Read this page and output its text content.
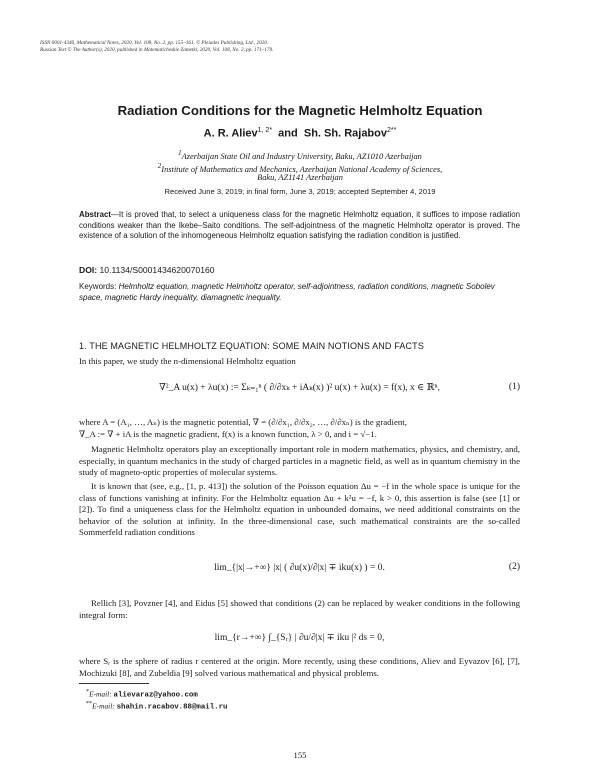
ISSN 0001-4346, Mathematical Notes, 2020, Vol. 108, No. 2, pp. 155–161. © Pleiades Publishing, Ltd., 2020.
Russian Text © The Author(s), 2020, published in Matematicheskie Zametki, 2020, Vol. 108, No. 2, pp. 171–179.
Radiation Conditions for the Magnetic Helmholtz Equation
A. R. Aliev$^{1, 2*}$ and Sh. Sh. Rajabov$^{2**}$
$^1$Azerbaijan State Oil and Industry University, Baku, AZ1010 Azerbaijan
$^2$Institute of Mathematics and Mechanics, Azerbaijan National Academy of Sciences,
Baku, AZ1141 Azerbaijan
Received June 3, 2019; in final form, June 3, 2019; accepted September 4, 2019
Abstract—It is proved that, to select a uniqueness class for the magnetic Helmholtz equation, it suffices to impose radiation conditions weaker than the Ikebe–Saito conditions. The self-adjointness of the magnetic Helmholtz operator is proved. The existence of a solution of the inhomogeneous Helmholtz equation satisfying the radiation condition is justified.
DOI: 10.1134/S0001434620070160
Keywords: Helmholtz equation, magnetic Helmholtz operator, self-adjointness, radiation conditions, magnetic Sobolev space, magnetic Hardy inequality, diamagnetic inequality.
1. THE MAGNETIC HELMHOLTZ EQUATION: SOME MAIN NOTIONS AND FACTS
In this paper, we study the n-dimensional Helmholtz equation
∇²_A u(x) + λu(x) := Σₖ₌₁ⁿ ( ∂/∂xₖ + iAₖ(x) )² u(x) + λu(x) = f(x), x ∈ ℝⁿ,	(1)
where A = (A₁, …, Aₙ) is the magnetic potential, ∇ = (∂/∂x₁, ∂/∂x₂, …, ∂/∂xₙ) is the gradient,
∇_A := ∇ + iA is the magnetic gradient, f(x) is a known function, λ > 0, and i = √−1.
Magnetic Helmholtz operators play an exceptionally important role in modern mathematics, physics, and chemistry, and, especially, in quantum mechanics in the study of charged particles in a magnetic field, as well as in quantum chemistry in the study of magneto-optic properties of molecular systems.
It is known that (see, e.g., [1, p. 413]) the solution of the Poisson equation Δu = −f in the whole space is unique for the class of functions vanishing at infinity. For the Helmholtz equation Δu + k²u = −f, k > 0, this assertion is false (see [1] or [2]). To find a uniqueness class for the Helmholtz equation in unbounded domains, we need additional constraints on the behavior of the solution at infinity. In the three-dimensional case, such mathematical constraints are the so-called Sommerfeld radiation conditions
lim_{|x|→+∞} |x| ( ∂u(x)/∂|x| ∓ iku(x) ) = 0.	(2)
Rellich [3], Povzner [4], and Eidus [5] showed that conditions (2) can be replaced by weaker conditions in the following integral form:
lim_{r→+∞} ∫_{Sᵣ} | ∂u/∂|x| ∓ iku |² ds = 0,
where Sᵣ is the sphere of radius r centered at the origin. More recently, using these conditions, Aliev and Eyvazov [6], [7], Mochizuki [8], and Zubeldia [9] solved various mathematical and physical problems.
*E-mail: alievaraz@yahoo.com
**E-mail: shahin.racabov.88@mail.ru
155
